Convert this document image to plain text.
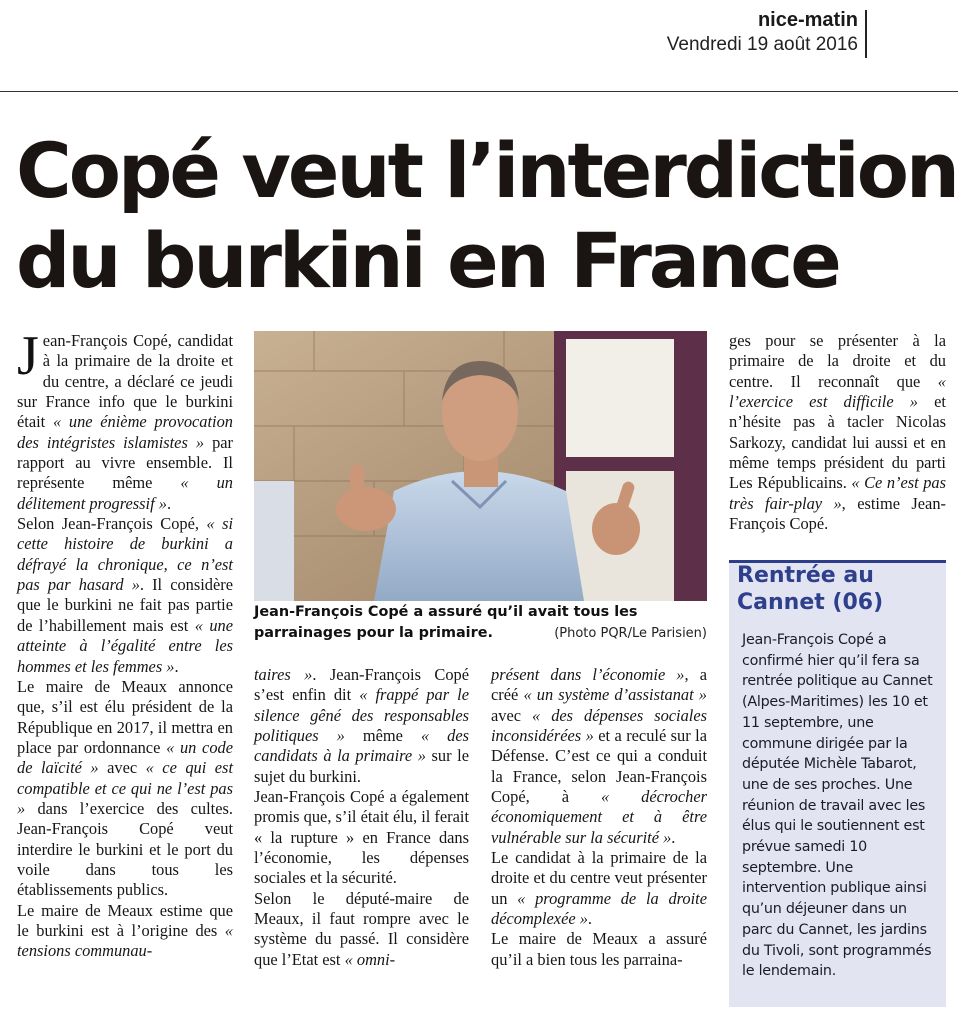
nice-matin
Vendredi 19 août 2016
Copé veut l’interdiction
du burkini en France

Jean-François Copé, candidat à la primaire de la droite et du centre, a déclaré ce jeudi sur France info que le burkini était « une énième provocation des intégristes islamistes » par rapport au vivre ensemble. Il représente même « un délitement progressif ».

Selon Jean-François Copé, « si cette histoire de burkini a défrayé la chronique, ce n’est pas par hasard ». Il considère que le burkini ne fait pas partie de l’habillement mais est « une atteinte à l’égalité entre les hommes et les femmes ».

Le maire de Meaux annonce que, s’il est élu président de la République en 2017, il mettra en place par ordonnance « un code de laïcité » avec « ce qui est compatible et ce qui ne l’est pas » dans l’exercice des cultes. Jean-François Copé veut interdire le burkini et le port du voile dans tous les établissements publics.

Le maire de Meaux estime que le burkini est à l’origine des « tensions communau-

Jean-François Copé a assuré qu’il avait tous les parrainages pour la primaire.	(Photo PQR/Le Parisien)

taires ». Jean-François Copé s’est enfin dit « frappé par le silence gêné des responsables politiques » même « des candidats à la primaire » sur le sujet du burkini.

Jean-François Copé a également promis que, s’il était élu, il ferait « la rupture » en France dans l’économie, les dépenses sociales et la sécurité.

Selon le député-maire de Meaux, il faut rompre avec le système du passé. Il considère que l’Etat est « omni-

présent dans l’économie », a créé « un système d’assistanat » avec « des dépenses sociales inconsidérées » et a reculé sur la Défense. C’est ce qui a conduit la France, selon Jean-François Copé, à « décrocher économiquement et à être vulnérable sur la sécurité ».

Le candidat à la primaire de la droite et du centre veut présenter un « programme de la droite décomplexée ».

Le maire de Meaux a assuré qu’il a bien tous les parraina-

ges pour se présenter à la primaire de la droite et du centre. Il reconnaît que « l’exercice est difficile » et n’hésite pas à tacler Nicolas Sarkozy, candidat lui aussi et en même temps président du parti Les Républicains. « Ce n’est pas très fair-play », estime Jean-François Copé.

Rentrée au Cannet (06)

Jean-François Copé a confirmé hier qu’il fera sa rentrée politique au Cannet (Alpes-Maritimes) les 10 et 11 septembre, une commune dirigée par la députée Michèle Tabarot, une de ses proches. Une réunion de travail avec les élus qui le soutiennent est prévue samedi 10 septembre. Une intervention publique ainsi qu’un déjeuner dans un parc du Cannet, les jardins du Tivoli, sont programmés le lendemain.
